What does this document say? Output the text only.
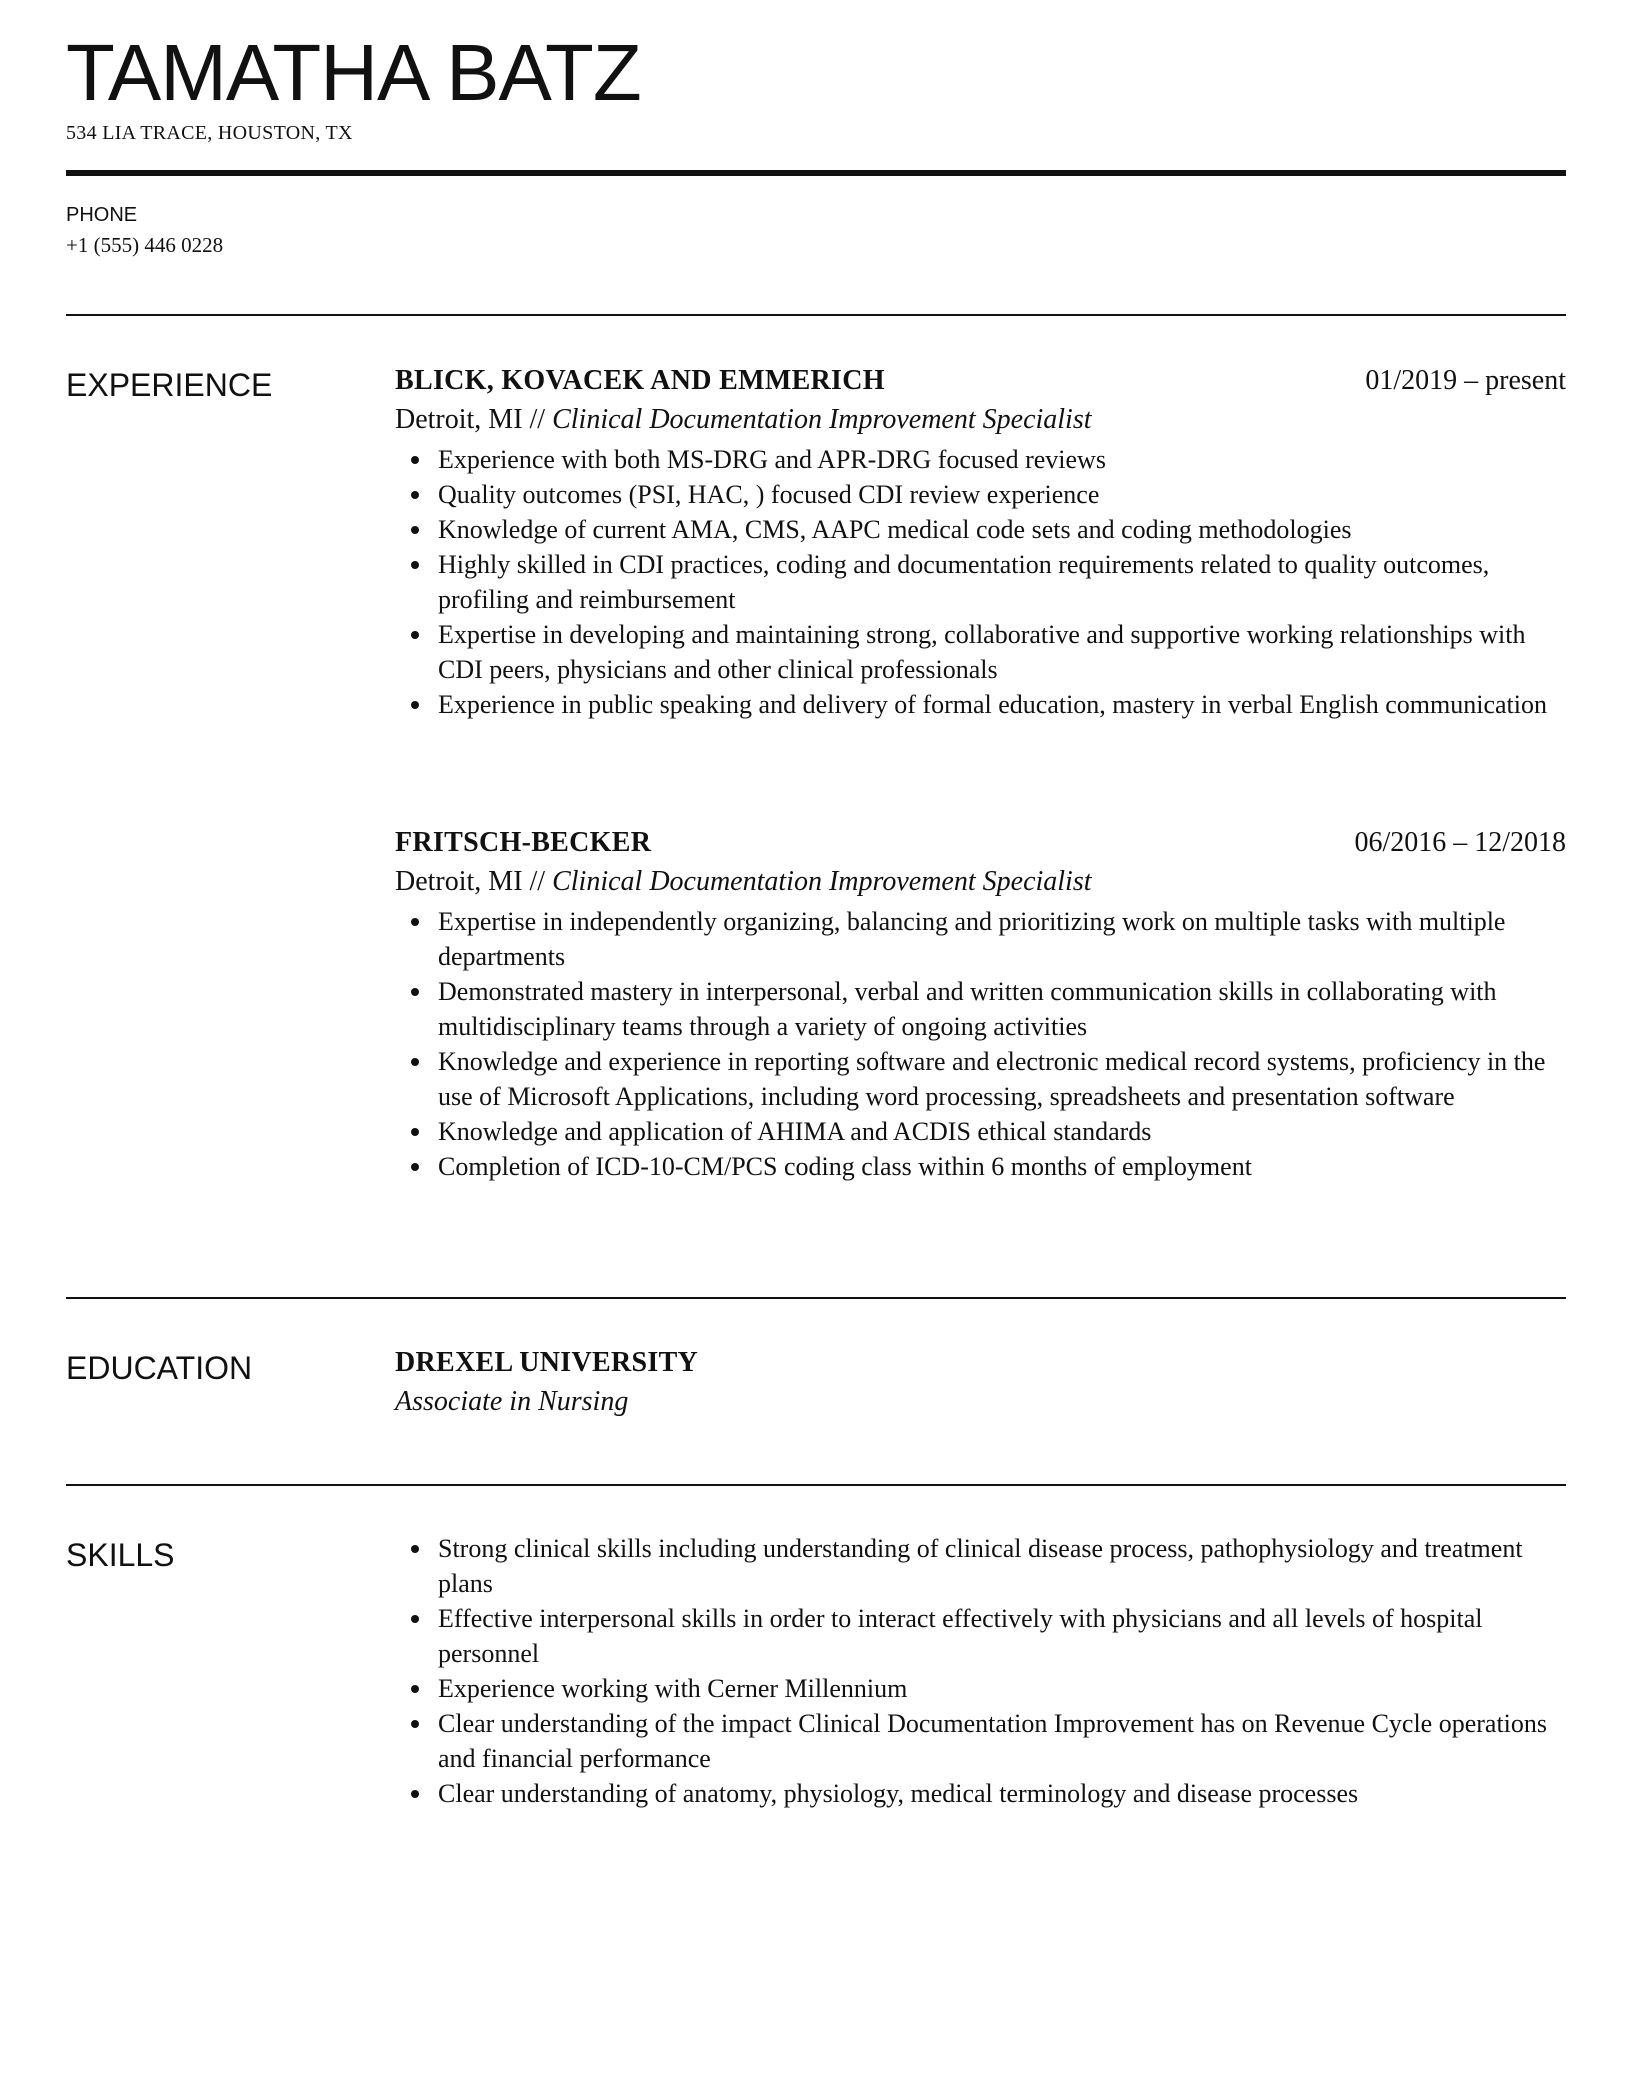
TAMATHA BATZ
534 LIA TRACE, HOUSTON, TX
PHONE
+1 (555) 446 0228
EXPERIENCE	BLICK, KOVACEK AND EMMERICH	01/2019 – present
Detroit, MI // Clinical Documentation Improvement Specialist
Experience with both MS-DRG and APR-DRG focused reviews
Quality outcomes (PSI, HAC, ) focused CDI review experience
Knowledge of current AMA, CMS, AAPC medical code sets and coding methodologies
Highly skilled in CDI practices, coding and documentation requirements related to quality outcomes, profiling and reimbursement
Expertise in developing and maintaining strong, collaborative and supportive working relationships with CDI peers, physicians and other clinical professionals
Experience in public speaking and delivery of formal education, mastery in verbal English communication
FRITSCH-BECKER	06/2016 – 12/2018
Detroit, MI // Clinical Documentation Improvement Specialist
Expertise in independently organizing, balancing and prioritizing work on multiple tasks with multiple departments
Demonstrated mastery in interpersonal, verbal and written communication skills in collaborating with multidisciplinary teams through a variety of ongoing activities
Knowledge and experience in reporting software and electronic medical record systems, proficiency in the use of Microsoft Applications, including word processing, spreadsheets and presentation software
Knowledge and application of AHIMA and ACDIS ethical standards
Completion of ICD-10-CM/PCS coding class within 6 months of employment
EDUCATION	DREXEL UNIVERSITY
Associate in Nursing
SKILLS	Strong clinical skills including understanding of clinical disease process, pathophysiology and treatment plans
Effective interpersonal skills in order to interact effectively with physicians and all levels of hospital personnel
Experience working with Cerner Millennium
Clear understanding of the impact Clinical Documentation Improvement has on Revenue Cycle operations and financial performance
Clear understanding of anatomy, physiology, medical terminology and disease processes
